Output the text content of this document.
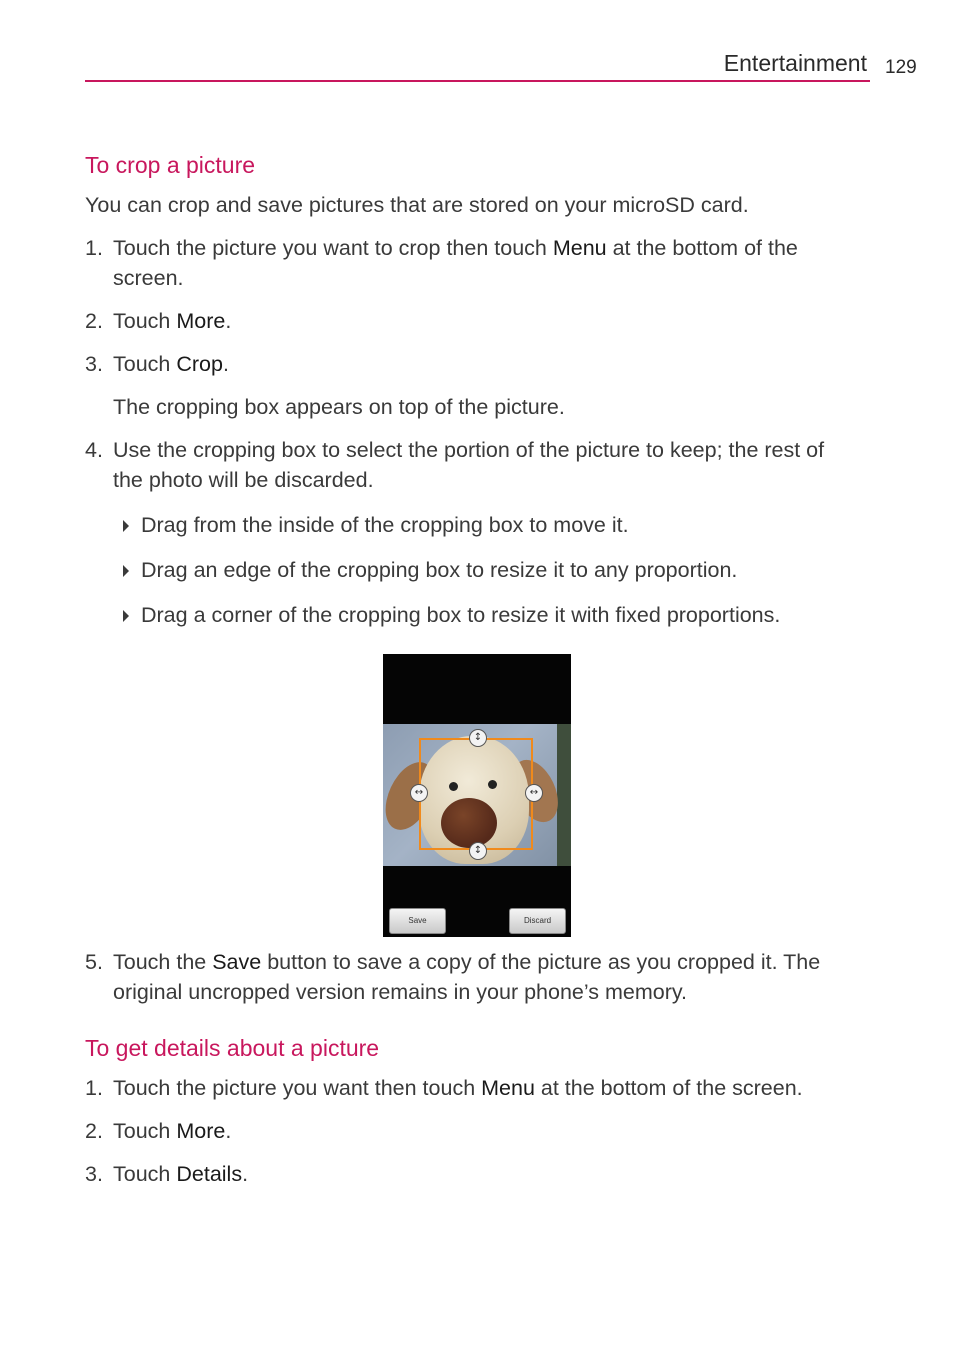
Entertainment 129
To crop a picture

You can crop and save pictures that are stored on your microSD card.

1. Touch the picture you want to crop then touch Menu at the bottom of the screen.
2. Touch More.
3. Touch Crop.
The cropping box appears on top of the picture.
4. Use the cropping box to select the portion of the picture to keep; the rest of the photo will be discarded.
Drag from the inside of the cropping box to move it.
Drag an edge of the cropping box to resize it to any proportion.
Drag a corner of the cropping box to resize it with fixed proportions.
↕
↕
↔	↔
Save	Discard
5. Touch the Save button to save a copy of the picture as you cropped it. The original uncropped version remains in your phone’s memory.
To get details about a picture
1. Touch the picture you want then touch Menu at the bottom of the screen.
2. Touch More.
3. Touch Details.
